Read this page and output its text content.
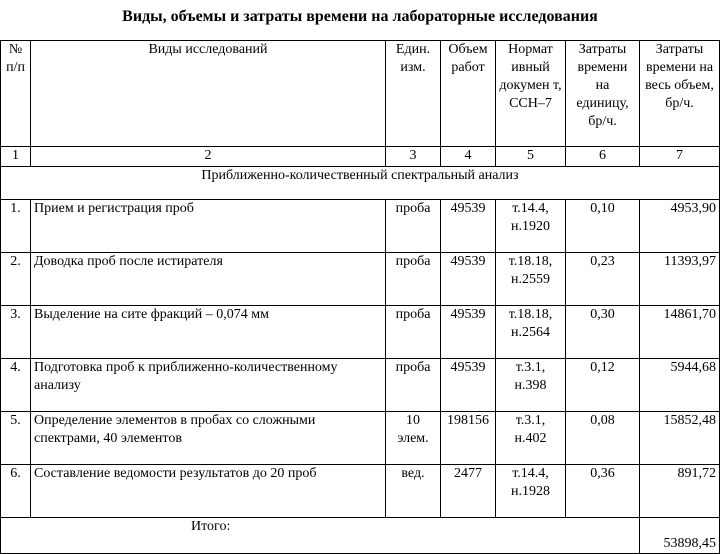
Виды, объемы и затраты времени на лабораторные исследования
№ п/п	Виды исследований	Един. изм.	Объем работ	Нормат ивный докумен т, ССН–7	Затраты времени на единицу, бр/ч.	Затраты времени на весь объем, бр/ч.
1	2	3	4	5	6	7
Приближенно-количественный спектральный анализ						
1.	Прием и регистрация проб	проба	49539	т.14.4, н.1920	0,10	4953,90
2.	Доводка проб после истирателя	проба	49539	т.18.18, н.2559	0,23	11393,97
3.	Выделение на сите фракций – 0,074 мм	проба	49539	т.18.18, н.2564	0,30	14861,70
4.	Подготовка проб к приближенно-количественному анализу	проба	49539	т.3.1, н.398	0,12	5944,68
5.	Определение элементов в пробах со сложными спектрами, 40 элементов	10 элем.	198156	т.3.1, н.402	0,08	15852,48
6.	Составление ведомости результатов до 20 проб	вед.	2477	т.14.4, н.1928	0,36	891,72
Итого:						53898,45
